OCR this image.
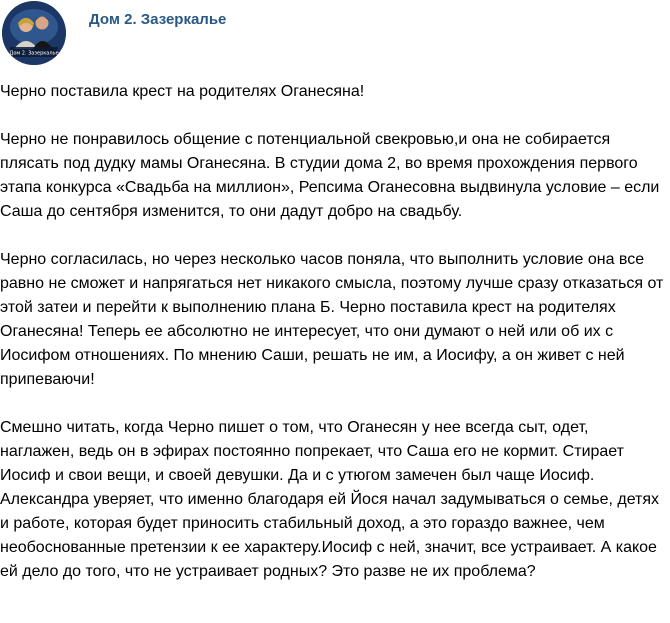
Дом 2. Зазеркалье
Дом 2. Зазеркалье

Черно поставила крест на родителях Оганесяна!

Черно не понравилось общение с потенциальной свекровью,и она не собирается плясать под дудку мамы Оганесяна. В студии дома 2, во время прохождения первого этапа конкурса «Свадьба на миллион», Репсима Оганесовна выдвинула условие – если Саша до сентября изменится, то они дадут добро на свадьбу.

Черно согласилась, но через несколько часов поняла, что выполнить условие она все равно не сможет и напрягаться нет никакого смысла, поэтому лучше сразу отказаться от этой затеи и перейти к выполнению плана Б. Черно поставила крест на родителях Оганесяна! Теперь ее абсолютно не интересует, что они думают о ней или об их с Иосифом отношениях. По мнению Саши, решать не им, а Иосифу, а он живет с ней припеваючи!

Смешно читать, когда Черно пишет о том, что Оганесян у нее всегда сыт, одет, наглажен, ведь он в эфирах постоянно попрекает, что Саша его не кормит. Стирает Иосиф и свои вещи, и своей девушки. Да и с утюгом замечен был чаще Иосиф. Александра уверяет, что именно благодаря ей Йося начал задумываться о семье, детях и работе, которая будет приносить стабильный доход, а это гораздо важнее, чем необоснованные претензии к ее характеру.Иосиф с ней, значит, все устраивает. А какое ей дело до того, что не устраивает родных? Это разве не их проблема?
